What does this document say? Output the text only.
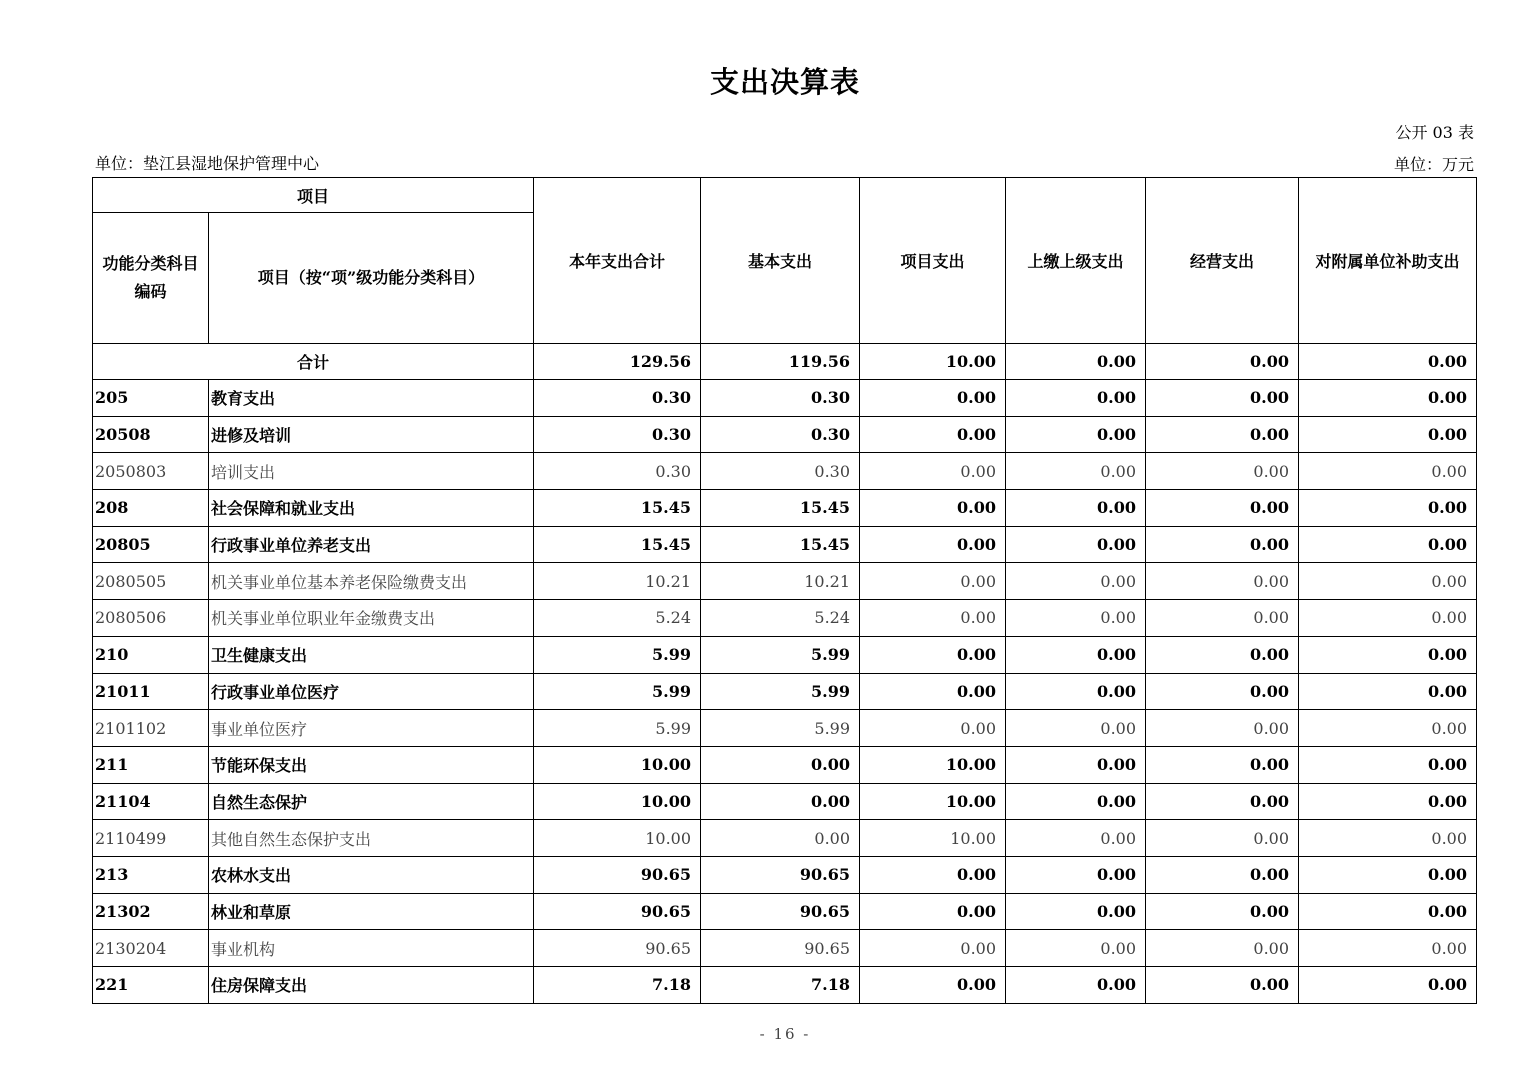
支出决算表
公开 03 表
单位：垫江县湿地保护管理中心	单位：万元
项目		本年支出合计	基本支出	项目支出	上缴上级支出	经营支出	对附属单位补助支出
功能分类科目
编码	项目（按“项”级功能分类科目）						
合计		129.56	119.56	10.00	0.00	0.00	0.00
205	教育支出	0.30	0.30	0.00	0.00	0.00	0.00
20508	进修及培训	0.30	0.30	0.00	0.00	0.00	0.00
2050803	培训支出	0.30	0.30	0.00	0.00	0.00	0.00
208	社会保障和就业支出	15.45	15.45	0.00	0.00	0.00	0.00
20805	行政事业单位养老支出	15.45	15.45	0.00	0.00	0.00	0.00
2080505	机关事业单位基本养老保险缴费支出	10.21	10.21	0.00	0.00	0.00	0.00
2080506	机关事业单位职业年金缴费支出	5.24	5.24	0.00	0.00	0.00	0.00
210	卫生健康支出	5.99	5.99	0.00	0.00	0.00	0.00
21011	行政事业单位医疗	5.99	5.99	0.00	0.00	0.00	0.00
2101102	事业单位医疗	5.99	5.99	0.00	0.00	0.00	0.00
211	节能环保支出	10.00	0.00	10.00	0.00	0.00	0.00
21104	自然生态保护	10.00	0.00	10.00	0.00	0.00	0.00
2110499	其他自然生态保护支出	10.00	0.00	10.00	0.00	0.00	0.00
213	农林水支出	90.65	90.65	0.00	0.00	0.00	0.00
21302	林业和草原	90.65	90.65	0.00	0.00	0.00	0.00
2130204	事业机构	90.65	90.65	0.00	0.00	0.00	0.00
221	住房保障支出	7.18	7.18	0.00	0.00	0.00	0.00
- 16 -
